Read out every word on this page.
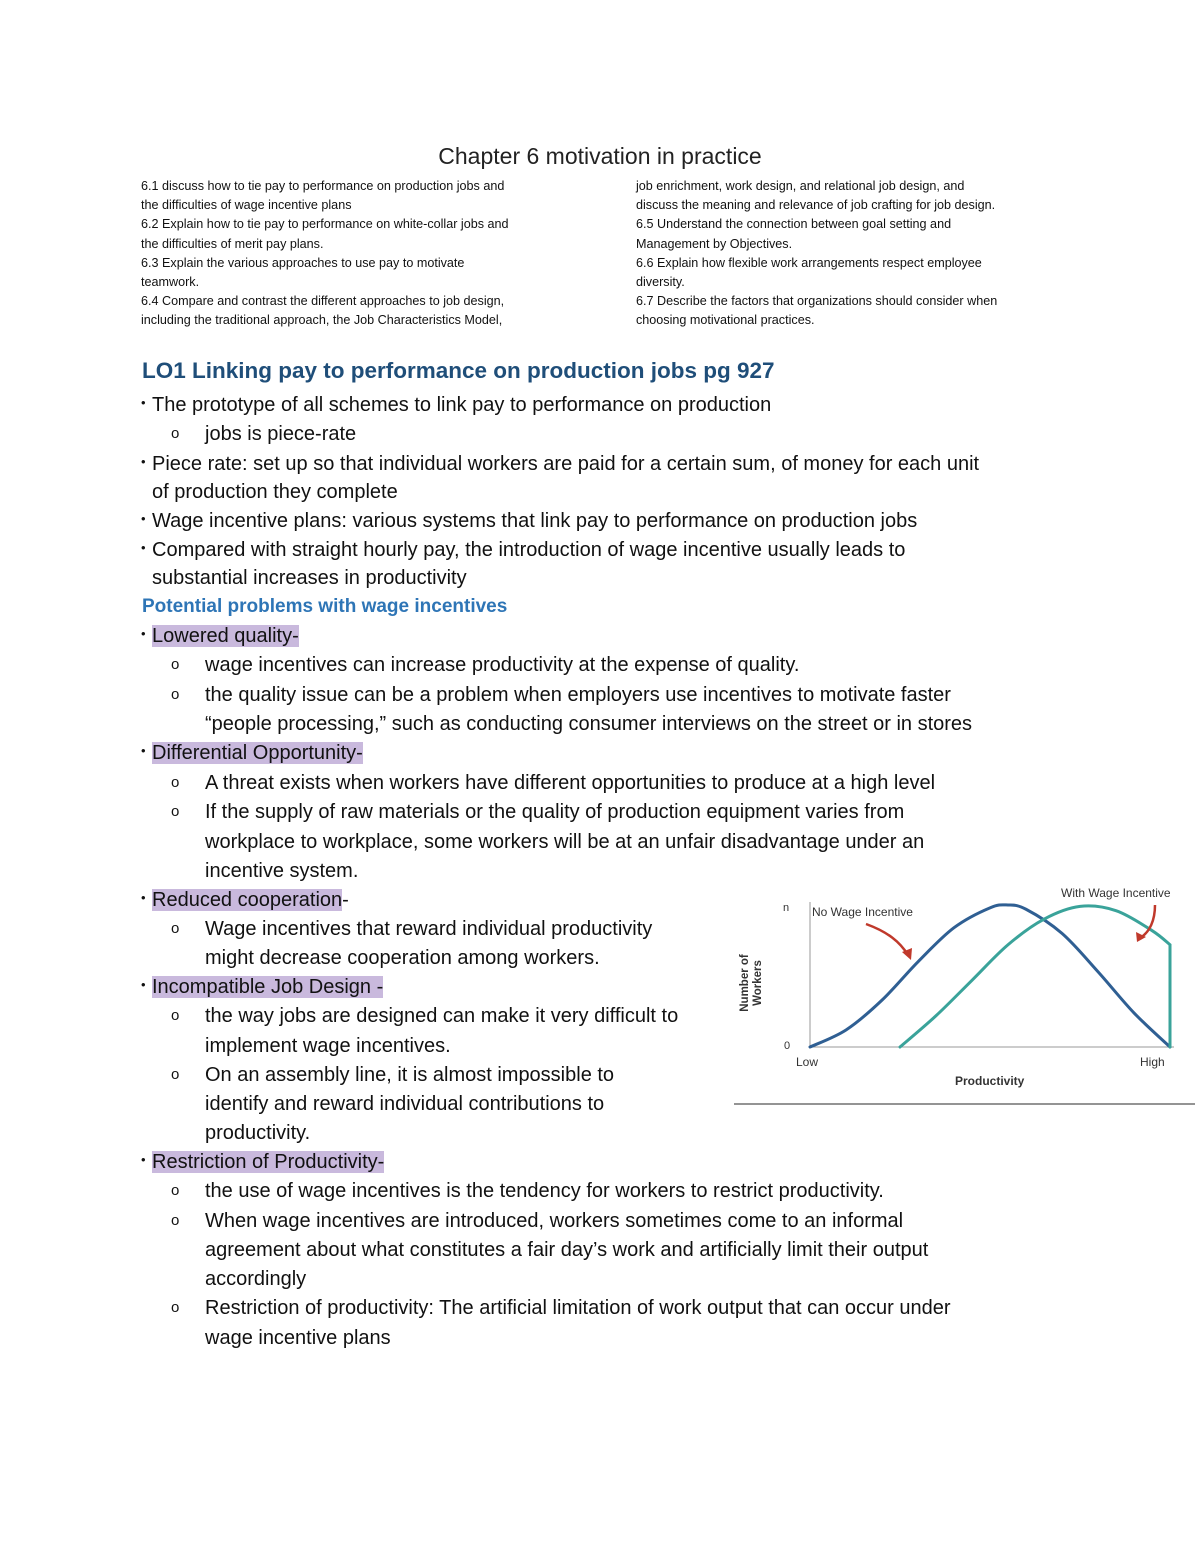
Chapter 6 motivation in practice
6.1 discuss how to tie pay to performance on production jobs and
the difficulties of wage incentive plans
6.2 Explain how to tie pay to performance on white-collar jobs and
the difficulties of merit pay plans.
6.3 Explain the various approaches to use pay to motivate
teamwork.
6.4 Compare and contrast the different approaches to job design,
including the traditional approach, the Job Characteristics Model,
job enrichment, work design, and relational job design, and
discuss the meaning and relevance of job crafting for job design.
6.5 Understand the connection between goal setting and
Management by Objectives.
6.6 Explain how flexible work arrangements respect employee
diversity.
6.7 Describe the factors that organizations should consider when
choosing motivational practices.
LO1 Linking pay to performance on production jobs pg 927
• The prototype of all schemes to link pay to performance on production
o jobs is piece-rate
• Piece rate: set up so that individual workers are paid for a certain sum, of money for each unit
of production they complete
• Wage incentive plans: various systems that link pay to performance on production jobs
• Compared with straight hourly pay, the introduction of wage incentive usually leads to
substantial increases in productivity
Potential problems with wage incentives
• Lowered quality-
o wage incentives can increase productivity at the expense of quality.
o the quality issue can be a problem when employers use incentives to motivate faster
“people processing,” such as conducting consumer interviews on the street or in stores
• Differential Opportunity-
o A threat exists when workers have different opportunities to produce at a high level
o If the supply of raw materials or the quality of production equipment varies from
workplace to workplace, some workers will be at an unfair disadvantage under an
incentive system.
• Reduced cooperation-
o Wage incentives that reward individual productivity
might decrease cooperation among workers.
• Incompatible Job Design -
o the way jobs are designed can make it very difficult to
implement wage incentives.
o On an assembly line, it is almost impossible to
identify and reward individual contributions to
productivity.
• Restriction of Productivity-
o the use of wage incentives is the tendency for workers to restrict productivity.
o When wage incentives are introduced, workers sometimes come to an informal
agreement about what constitutes a fair day’s work and artificially limit their output
accordingly
o Restriction of productivity: The artificial limitation of work output that can occur under
wage incentive plans
No Wage Incentive
With Wage Incentive
n
0
Low	High
Productivity
Number of Workers
